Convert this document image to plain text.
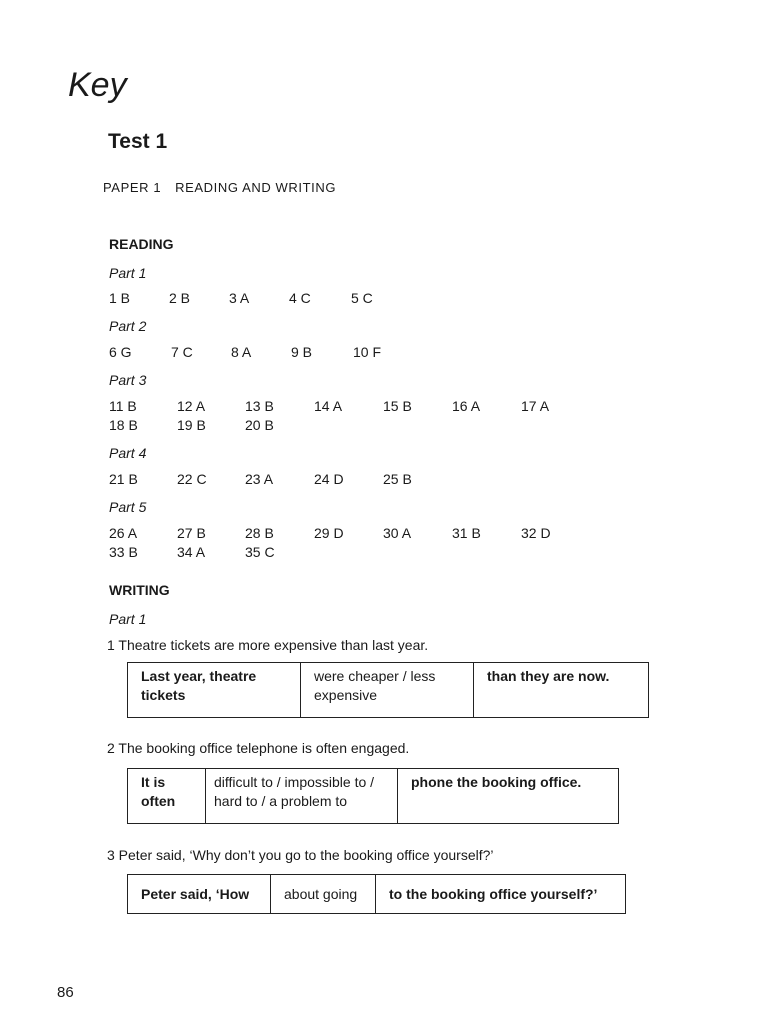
Key
Test 1
PAPER 1 READING AND WRITING
READING
Part 1
1 B	2 B	3 A	4 C	5 C
Part 2
6 G	7 C	8 A	9 B	10 F
Part 3
11 B	12 A	13 B	14 A	15 B	16 A	17 A
18 B	19 B	20 B
Part 4
21 B	22 C	23 A	24 D	25 B
Part 5
26 A	27 B	28 B	29 D	30 A	31 B	32 D
33 B	34 A	35 C
WRITING
Part 1
1 Theatre tickets are more expensive than last year.
Last year, theatre tickets	were cheaper / less expensive	than they are now.
2 The booking office telephone is often engaged.
It is often	difficult to / impossible to / hard to / a problem to	phone the booking office.
3 Peter said, ‘Why don’t you go to the booking office yourself?’
Peter said, ‘How	about going	to the booking office yourself?’
86
